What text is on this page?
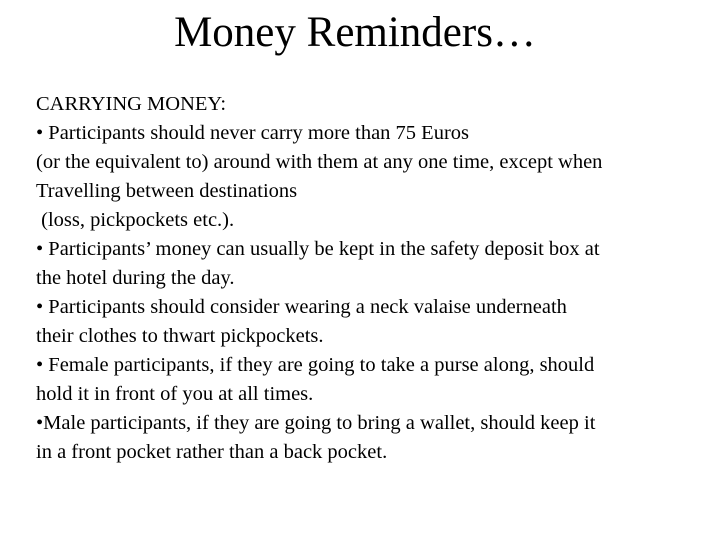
Money Reminders…
CARRYING MONEY:
• Participants should never carry more than 75 Euros
(or the equivalent to) around with them at any one time, except when
Travelling between destinations
(loss, pickpockets etc.).
• Participants’ money can usually be kept in the safety deposit box at
the hotel during the day.
• Participants should consider wearing a neck valaise underneath
their clothes to thwart pickpockets.
• Female participants, if they are going to take a purse along, should
hold it in front of you at all times.
•Male participants, if they are going to bring a wallet, should keep it
in a front pocket rather than a back pocket.
